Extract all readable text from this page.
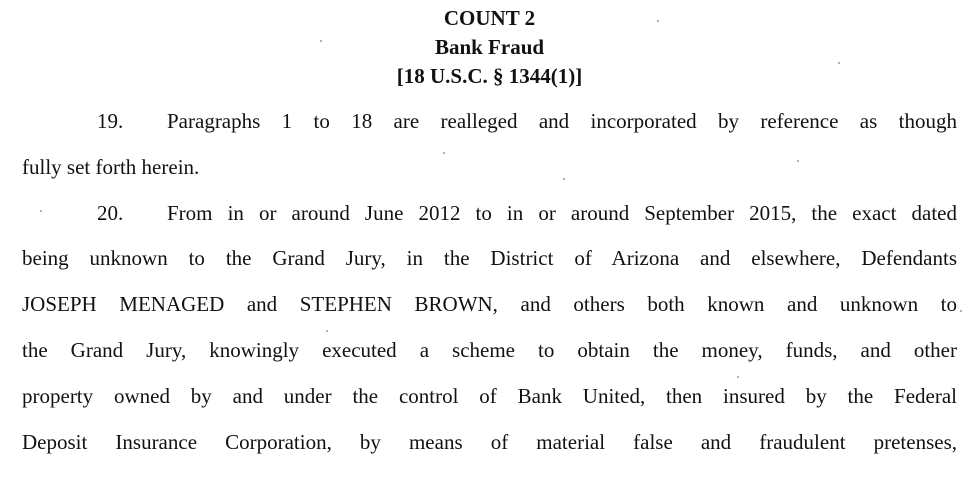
COUNT 2
Bank Fraud
[18 U.S.C. § 1344(1)]
19. Paragraphs 1 to 18 are realleged and incorporated by reference as though
fully set forth herein.
20. From in or around June 2012 to in or around September 2015, the exact dated
being unknown to the Grand Jury, in the District of Arizona and elsewhere, Defendants
JOSEPH MENAGED and STEPHEN BROWN, and others both known and unknown to
the Grand Jury, knowingly executed a scheme to obtain the money, funds, and other
property owned by and under the control of Bank United, then insured by the Federal
Deposit Insurance Corporation, by means of material false and fraudulent pretenses,
